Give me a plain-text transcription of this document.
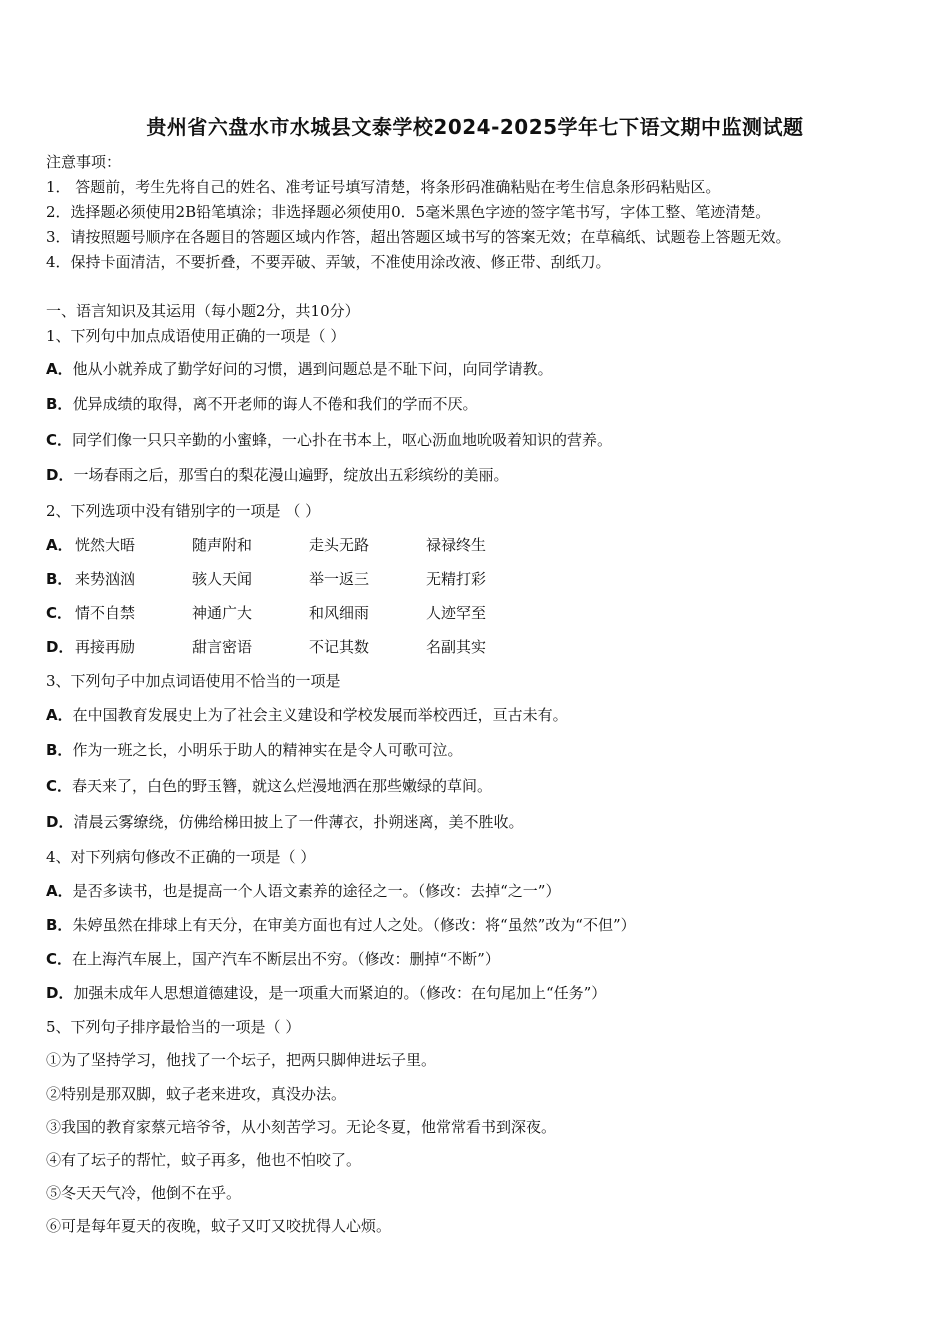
贵州省六盘水市水城县文泰学校2024-2025学年七下语文期中监测试题
注意事项：
1． 答题前，考生先将自己的姓名、准考证号填写清楚，将条形码准确粘贴在考生信息条形码粘贴区。
2．选择题必须使用2B铅笔填涂；非选择题必须使用0．5毫米黑色字迹的签字笔书写，字体工整、笔迹清楚。
3．请按照题号顺序在各题目的答题区域内作答，超出答题区域书写的答案无效；在草稿纸、试题卷上答题无效。
4．保持卡面清洁，不要折叠，不要弄破、弄皱，不准使用涂改液、修正带、刮纸刀。
一、语言知识及其运用（每小题2分，共10分）
1、下列句中加点成语使用正确的一项是（ ）
A．他从小就养成了勤学好问的习惯，遇到问题总是不耻下问，向同学请教。
B．优异成绩的取得，离不开老师的诲人不倦和我们的学而不厌。
C．同学们像一只只辛勤的小蜜蜂，一心扑在书本上，呕心沥血地吮吸着知识的营养。
D．一场春雨之后，那雪白的梨花漫山遍野，绽放出五彩缤纷的美丽。
2、下列选项中没有错别字的一项是 （ ）
A． 恍然大晤	随声附和	走头无路	禄禄终生
B． 来势汹汹	骇人天闻	举一返三	无精打彩
C． 情不自禁	神通广大	和风细雨	人迹罕至
D． 再接再励	甜言密语	不记其数	名副其实
3、下列句子中加点词语使用不恰当的一项是
A．在中国教育发展史上为了社会主义建设和学校发展而举校西迁，亘古未有。
B．作为一班之长，小明乐于助人的精神实在是令人可歌可泣。
C．春天来了，白色的野玉簪，就这么烂漫地洒在那些嫩绿的草间。
D．清晨云雾缭绕，仿佛给梯田披上了一件薄衣，扑朔迷离，美不胜收。
4、对下列病句修改不正确的一项是（ ）
A．是否多读书，也是提高一个人语文素养的途径之一。（修改：去掉“之一”）
B．朱婷虽然在排球上有天分，在审美方面也有过人之处。（修改：将“虽然”改为“不但”）
C．在上海汽车展上，国产汽车不断层出不穷。（修改：删掉“不断”）
D．加强未成年人思想道德建设，是一项重大而紧迫的。（修改：在句尾加上“任务”）
5、下列句子排序最恰当的一项是（ ）
①为了坚持学习，他找了一个坛子，把两只脚伸进坛子里。
②特别是那双脚，蚊子老来进攻，真没办法。
③我国的教育家蔡元培爷爷，从小刻苦学习。无论冬夏，他常常看书到深夜。
④有了坛子的帮忙，蚊子再多，他也不怕咬了。
⑤冬天天气冷，他倒不在乎。
⑥可是每年夏天的夜晚，蚊子又叮又咬扰得人心烦。
